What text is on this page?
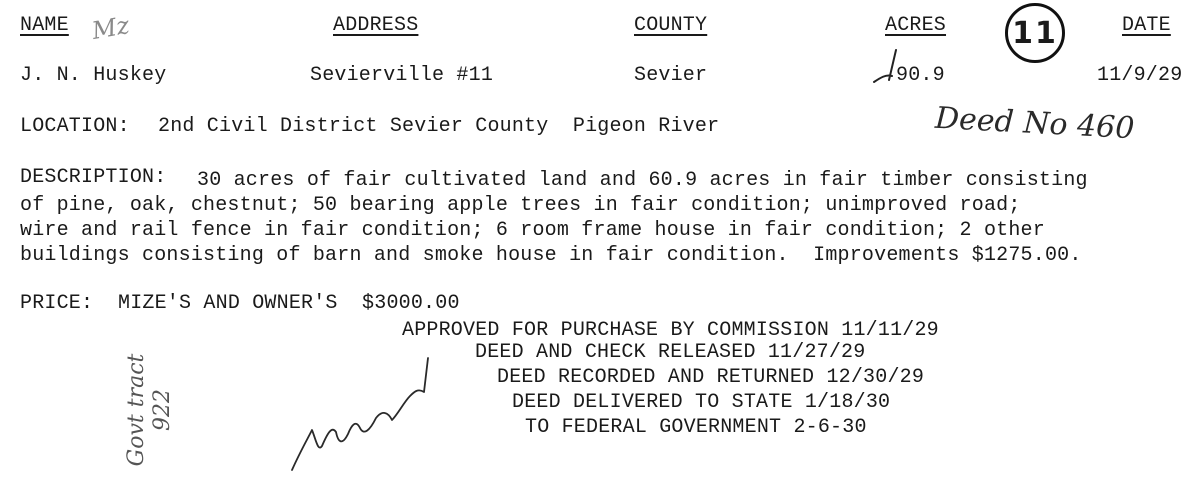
NAME	ADDRESS	COUNTY	ACRES	DATE
Mz	11
J. N. Huskey	Sevierville #11	Sevier	90.9	11/9/29
LOCATION: 2nd Civil District Sevier County  Pigeon River	Deed No 460
DESCRIPTION: 30 acres of fair cultivated land and 60.9 acres in fair timber consisting
of pine, oak, chestnut; 50 bearing apple trees in fair condition; unimproved road;
wire and rail fence in fair condition; 6 room frame house in fair condition; 2 other
buildings consisting of barn and smoke house in fair condition.  Improvements $1275.00.
PRICE: MIZE'S AND OWNER'S  $3000.00
APPROVED FOR PURCHASE BY COMMISSION 11/11/29
DEED AND CHECK RELEASED 11/27/29
DEED RECORDED AND RETURNED 12/30/29
DEED DELIVERED TO STATE 1/18/30
TO FEDERAL GOVERNMENT 2-6-30
Govt tract
922
